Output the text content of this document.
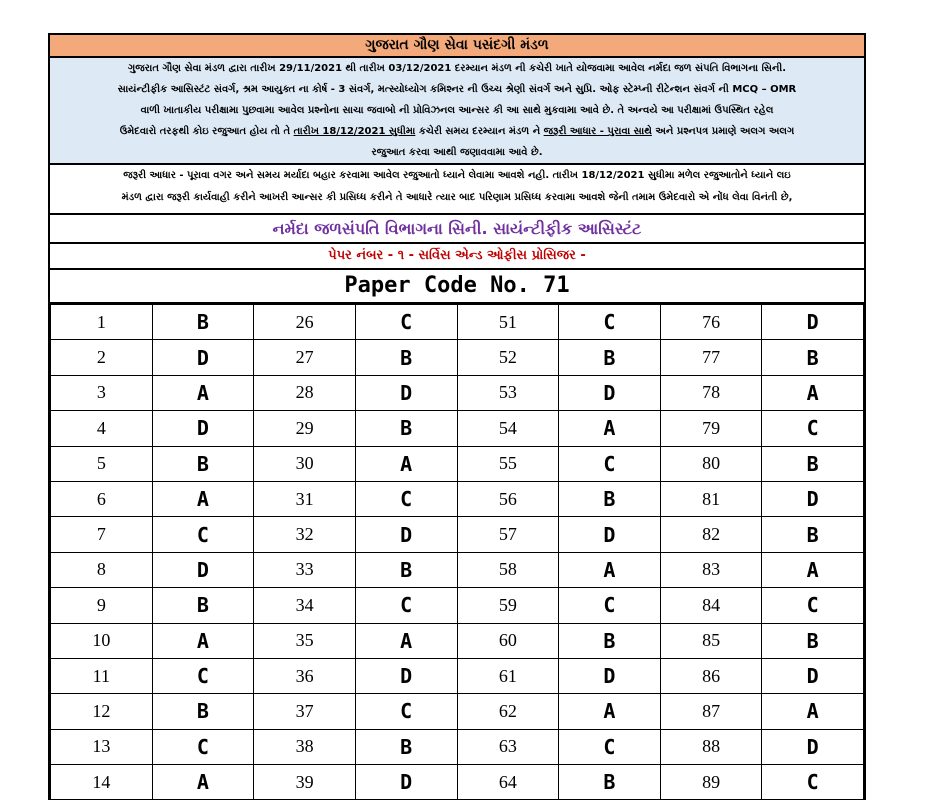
ગુજરાત ગૌણ સેવા પસંદગી મંડળ
ગુજરાત ગૌણ સેવા મંડળ દ્વારા તારીખ 29/11/2021 થી તારીખ 03/12/2021 દરમ્યાન મંડળ ની કચેરી ખાતે યોજવામા આવેલ નર્મદા જળ સંપતિ વિભાગના સિની.
સાયંન્ટીફીક આસિસ્ટંટ સંવર્ગ, શ્રમ આયુક્ત ના કોર્ષ - 3 સંવર્ગ, મત્સ્યોધ્યોગ કમિશ્નર ની ઉચ્ચ શ્રેણી સંવર્ગ અને સુપ્રિ. ઓફ સ્ટેમ્પ્ની રીટેન્શન સંવર્ગ ની MCQ – OMR
વાળી ખાતાકીય પરીક્ષામા પુછવામા આવેલ પ્રશ્નોના સાચા જવાબો ની પ્રોવિઝનલ આન્સર કી આ સાથે મુકવામા આવે છે. તે અન્વયે આ પરીક્ષામાં ઉપસ્થિત રહેલ
ઉમેદવારો તરફથી કોઇ રજુઆત હોય તો તે તારીખ 18/12/2021 સુધીમા કચેરી સમય દરમ્યાન મંડળ ને જરૂરી આધાર - પુરાવા સાથે અને પ્રશ્નપત્ર પ્રમાણે અલગ અલગ
રજુઆત કરવા આથી જણાવવામા આવે છે.
જરૂરી આધાર - પૂરાવા વગર અને સમય મર્યાદા બહાર કરવામા આવેલ રજુઆતો ધ્યાને લેવામા આવશે નહી. તારીખ 18/12/2021 સુધીમા મળેલ રજુઆતોને ધ્યાને લઇ
મંડળ દ્વારા જરૂરી કાર્યવાહી કરીને આખરી આન્સર કી પ્રસિધ્ધ કરીને તે આધારે ત્યાર બાદ પરિણામ પ્રસિધ્ધ કરવામા આવશે જેની તમામ ઉમેદવારો એ નોંધ લેવા વિનંતી છે,
નર્મદા જળસંપતિ વિભાગના સિની. સાયંન્ટીફીક આસિસ્ટંટ
પેપર નંબર - ૧ - સર્વિસ એન્ડ ઓફીસ પ્રોસિજર -
Paper Code No. 71
1	B	26	C	51	C	76	D
2	D	27	B	52	B	77	B
3	A	28	D	53	D	78	A
4	D	29	B	54	A	79	C
5	B	30	A	55	C	80	B
6	A	31	C	56	B	81	D
7	C	32	D	57	D	82	B
8	D	33	B	58	A	83	A
9	B	34	C	59	C	84	C
10	A	35	A	60	B	85	B
11	C	36	D	61	D	86	D
12	B	37	C	62	A	87	A
13	C	38	B	63	C	88	D
14	A	39	D	64	B	89	C
